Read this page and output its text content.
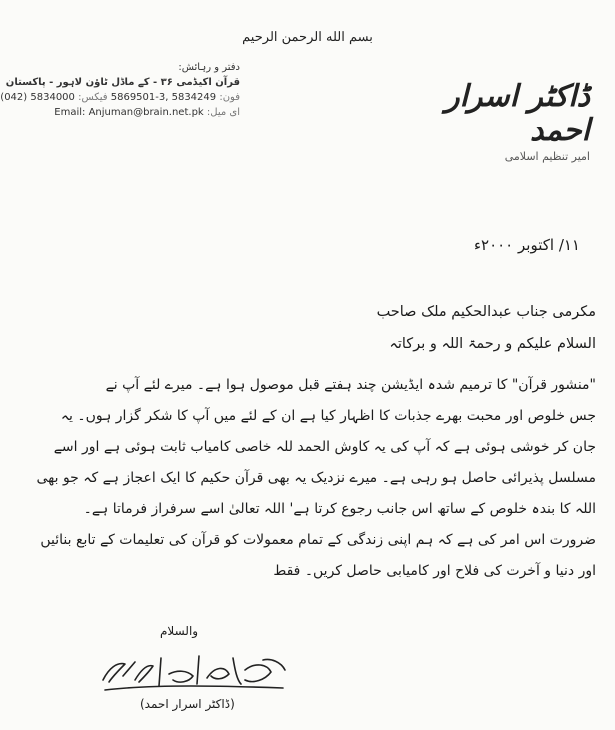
بسم الله الرحمن الرحيم
ڈاکٹر اسرار احمد
امیر تنظیم اسلامی
دفتر و رہائش:
قرآن اکیڈمی ۳۶ - کے ماڈل ٹاؤن لاہور - پاکستان
فون: 5869501-3, 5834249 فیکس: (042) 5834000
ای میل: Email: Anjuman@brain.net.pk
۱۱/ اکتوبر ۲۰۰۰ء
مکرمی جناب عبدالحکیم ملک صاحب
السلام علیکم و رحمۃ اللہ و برکاتہ
"منشور قرآن" کا ترمیم شدہ ایڈیشن چند ہفتے قبل موصول ہوا ہے۔ میرے لئے آپ نے
جس خلوص اور محبت بھرے جذبات کا اظہار کیا ہے ان کے لئے میں آپ کا شکر گزار ہوں۔ یہ
جان کر خوشی ہوئی ہے کہ آپ کی یہ کاوش الحمد للہ خاصی کامیاب ثابت ہوئی ہے اور اسے
مسلسل پذیرائی حاصل ہو رہی ہے۔ میرے نزدیک یہ بھی قرآن حکیم کا ایک اعجاز ہے کہ جو بھی
اللہ کا بندہ خلوص کے ساتھ اس جانب رجوع کرتا ہے' اللہ تعالیٰ اسے سرفراز فرماتا ہے۔
ضرورت اس امر کی ہے کہ ہم اپنی زندگی کے تمام معمولات کو قرآن کی تعلیمات کے تابع بنائیں
اور دنیا و آخرت کی فلاح اور کامیابی حاصل کریں۔ فقط
والسلام
(ڈاکٹر اسرار احمد)
